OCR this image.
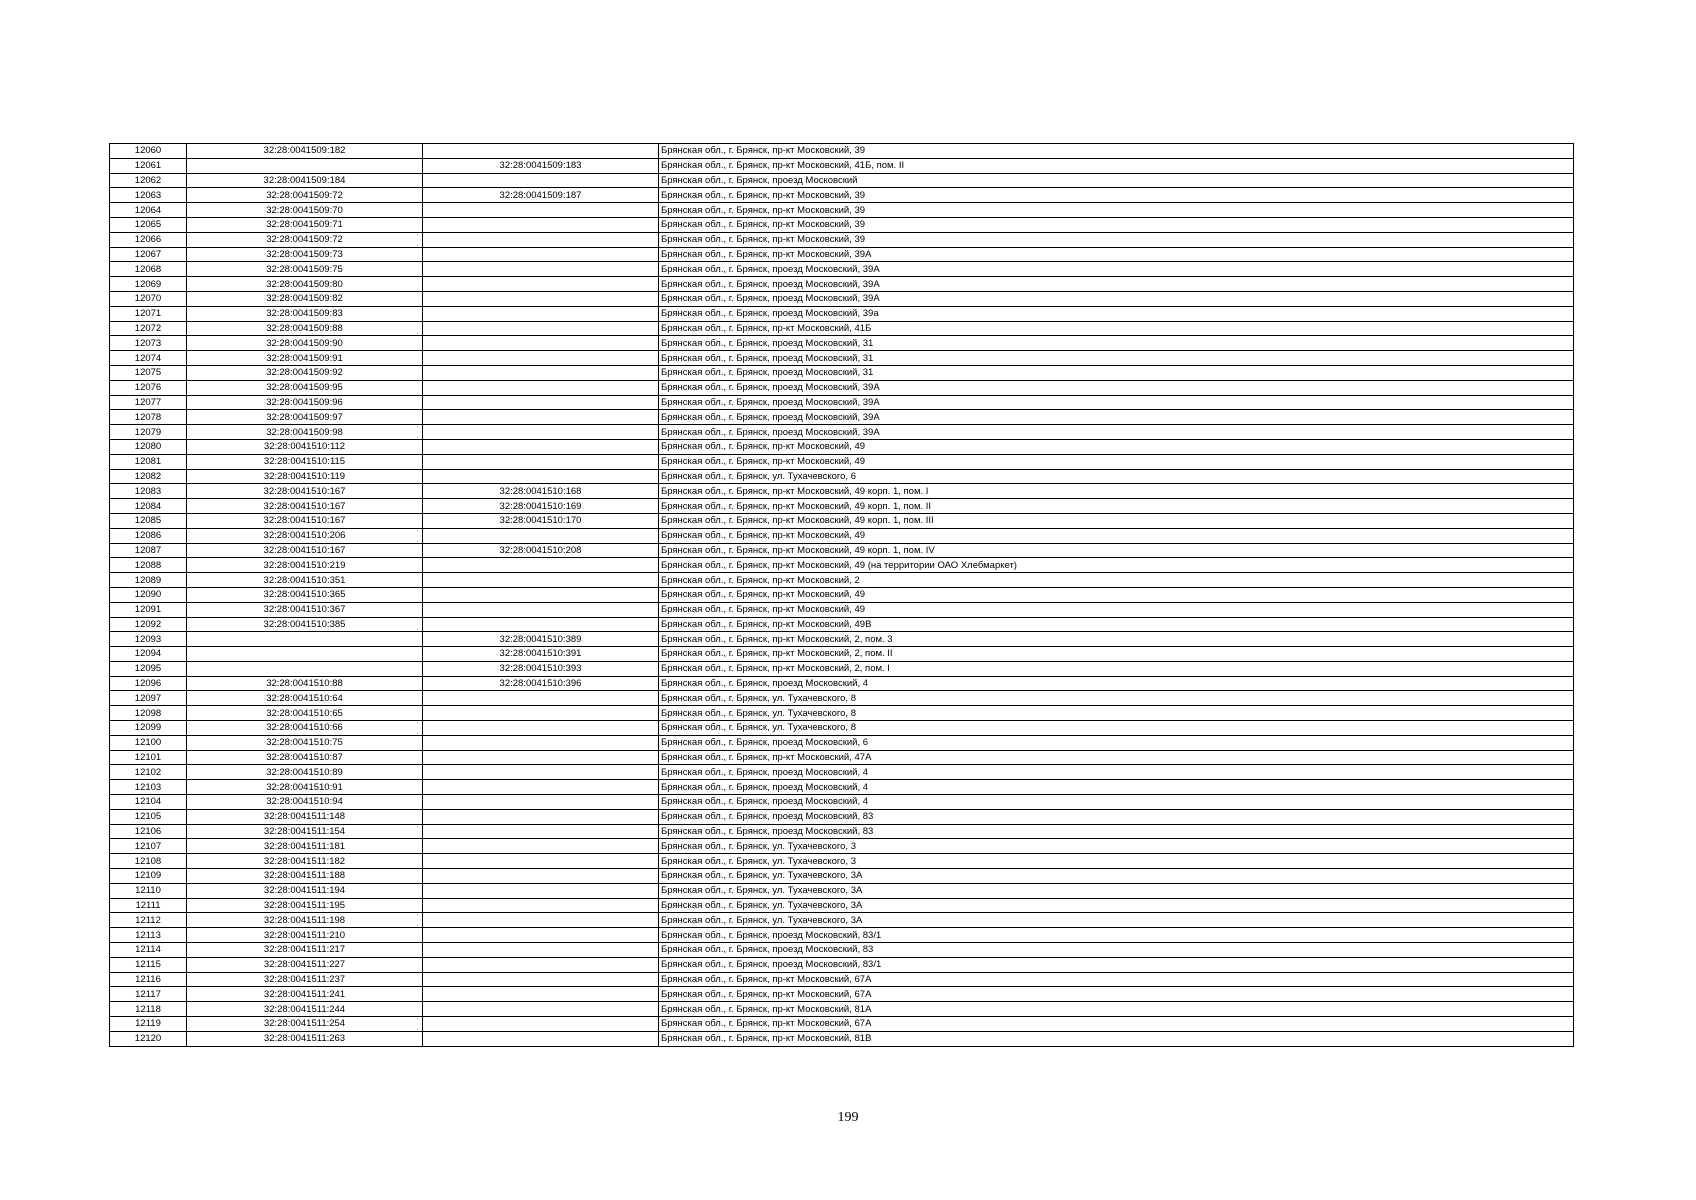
12060	32:28:0041509:182		Брянская обл., г. Брянск, пр-кт Московский, 39
12061		32:28:0041509:183	Брянская обл., г. Брянск, пр-кт Московский, 41Б, пом. II
12062	32:28:0041509:184		Брянская обл., г. Брянск, проезд Московский
12063	32:28:0041509:72	32:28:0041509:187	Брянская обл., г. Брянск, пр-кт Московский, 39
12064	32:28:0041509:70		Брянская обл., г. Брянск, пр-кт Московский, 39
12065	32:28:0041509:71		Брянская обл., г. Брянск, пр-кт Московский, 39
12066	32:28:0041509:72		Брянская обл., г. Брянск, пр-кт Московский, 39
12067	32:28:0041509:73		Брянская обл., г. Брянск, пр-кт Московский, 39А
12068	32:28:0041509:75		Брянская обл., г. Брянск, проезд Московский, 39А
12069	32:28:0041509:80		Брянская обл., г. Брянск, проезд Московский, 39А
12070	32:28:0041509:82		Брянская обл., г. Брянск, проезд Московский, 39А
12071	32:28:0041509:83		Брянская обл., г. Брянск, проезд Московский, 39а
12072	32:28:0041509:88		Брянская обл., г. Брянск, пр-кт Московский, 41Б
12073	32:28:0041509:90		Брянская обл., г. Брянск, проезд Московский, 31
12074	32:28:0041509:91		Брянская обл., г. Брянск, проезд Московский, 31
12075	32:28:0041509:92		Брянская обл., г. Брянск, проезд Московский, 31
12076	32:28:0041509:95		Брянская обл., г. Брянск, проезд Московский, 39А
12077	32:28:0041509:96		Брянская обл., г. Брянск, проезд Московский, 39А
12078	32:28:0041509:97		Брянская обл., г. Брянск, проезд Московский, 39А
12079	32:28:0041509:98		Брянская обл., г. Брянск, проезд Московский, 39А
12080	32:28:0041510:112		Брянская обл., г. Брянск, пр-кт Московский, 49
12081	32:28:0041510:115		Брянская обл., г. Брянск, пр-кт Московский, 49
12082	32:28:0041510:119		Брянская обл., г. Брянск, ул. Тухачевского, 6
12083	32:28:0041510:167	32:28:0041510:168	Брянская обл., г. Брянск, пр-кт Московский, 49 корп. 1, пом. I
12084	32:28:0041510:167	32:28:0041510:169	Брянская обл., г. Брянск, пр-кт Московский, 49 корп. 1, пом. II
12085	32:28:0041510:167	32:28:0041510:170	Брянская обл., г. Брянск, пр-кт Московский, 49 корп. 1, пом. III
12086	32:28:0041510:206		Брянская обл., г. Брянск, пр-кт Московский, 49
12087	32:28:0041510:167	32:28:0041510:208	Брянская обл., г. Брянск, пр-кт Московский, 49 корп. 1, пом. IV
12088	32:28:0041510:219		Брянская обл., г. Брянск, пр-кт Московский, 49 (на территории ОАО Хлебмаркет)
12089	32:28:0041510:351		Брянская обл., г. Брянск, пр-кт Московский, 2
12090	32:28:0041510:365		Брянская обл., г. Брянск, пр-кт Московский, 49
12091	32:28:0041510:367		Брянская обл., г. Брянск, пр-кт Московский, 49
12092	32:28:0041510:385		Брянская обл., г. Брянск, пр-кт Московский, 49В
12093		32:28:0041510:389	Брянская обл., г. Брянск, пр-кт Московский, 2, пом. 3
12094		32:28:0041510:391	Брянская обл., г. Брянск, пр-кт Московский, 2, пом. II
12095		32:28:0041510:393	Брянская обл., г. Брянск, пр-кт Московский, 2, пом. I
12096	32:28:0041510:88	32:28:0041510:396	Брянская обл., г. Брянск, проезд Московский, 4
12097	32:28:0041510:64		Брянская обл., г. Брянск, ул. Тухачевского, 8
12098	32:28:0041510:65		Брянская обл., г. Брянск, ул. Тухачевского, 8
12099	32:28:0041510:66		Брянская обл., г. Брянск, ул. Тухачевского, 8
12100	32:28:0041510:75		Брянская обл., г. Брянск, проезд Московский, 6
12101	32:28:0041510:87		Брянская обл., г. Брянск, пр-кт Московский, 47А
12102	32:28:0041510:89		Брянская обл., г. Брянск, проезд Московский, 4
12103	32:28:0041510:91		Брянская обл., г. Брянск, проезд Московский, 4
12104	32:28:0041510:94		Брянская обл., г. Брянск, проезд Московский, 4
12105	32:28:0041511:148		Брянская обл., г. Брянск, проезд Московский, 83
12106	32:28:0041511:154		Брянская обл., г. Брянск, проезд Московский, 83
12107	32:28:0041511:181		Брянская обл., г. Брянск, ул. Тухачевского, 3
12108	32:28:0041511:182		Брянская обл., г. Брянск, ул. Тухачевского, 3
12109	32:28:0041511:188		Брянская обл., г. Брянск, ул. Тухачевского, 3А
12110	32:28:0041511:194		Брянская обл., г. Брянск, ул. Тухачевского, 3А
12111	32:28:0041511:195		Брянская обл., г. Брянск, ул. Тухачевского, 3А
12112	32:28:0041511:198		Брянская обл., г. Брянск, ул. Тухачевского, 3А
12113	32:28:0041511:210		Брянская обл., г. Брянск, проезд Московский, 83/1
12114	32:28:0041511:217		Брянская обл., г. Брянск, проезд Московский, 83
12115	32:28:0041511:227		Брянская обл., г. Брянск, проезд Московский, 83/1
12116	32:28:0041511:237		Брянская обл., г. Брянск, пр-кт Московский, 67А
12117	32:28:0041511:241		Брянская обл., г. Брянск, пр-кт Московский, 67А
12118	32:28:0041511:244		Брянская обл., г. Брянск, пр-кт Московский, 81А
12119	32:28:0041511:254		Брянская обл., г. Брянск, пр-кт Московский, 67А
12120	32:28:0041511:263		Брянская обл., г. Брянск, пр-кт Московский, 81В
199
